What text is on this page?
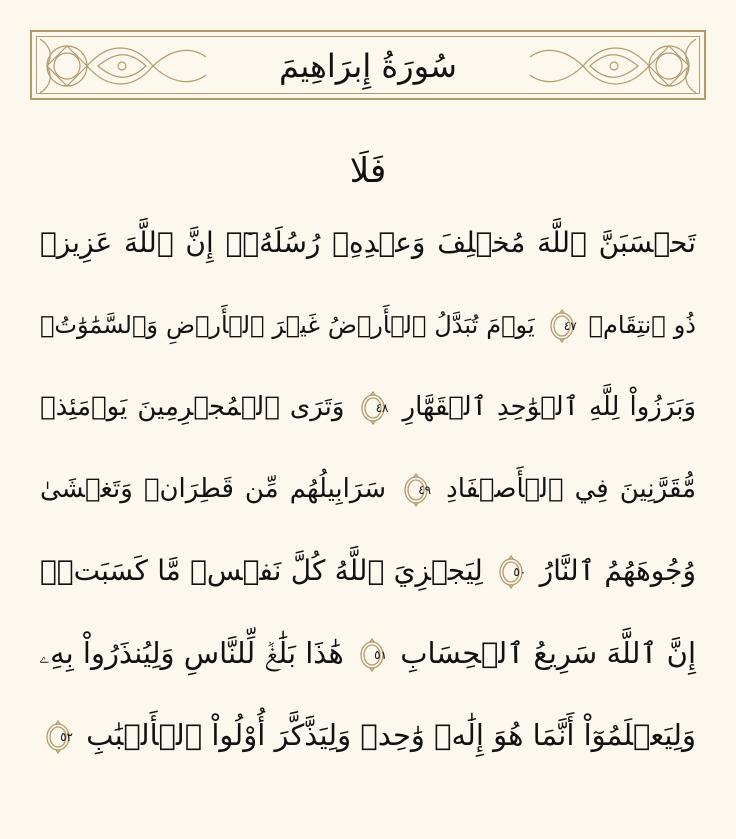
سُورَةُ إِبرَاهِيمَ
فَلَا
تَحۡسَبَنَّ ٱللَّهَ مُخۡلِفَ وَعۡدِهِۦ رُسُلَهُۥٓۚ إِنَّ ٱللَّهَ عَزِيزٞ
ذُو ٱنتِقَامٖ
٤٧
يَوۡمَ تُبَدَّلُ ٱلۡأَرۡضُ غَيۡرَ ٱلۡأَرۡضِ وَٱلسَّمَٰوَٰتُۖ
وَبَرَزُواْ لِلَّهِ ٱلۡوَٰحِدِ ٱلۡقَهَّارِ
٤٨
وَتَرَى ٱلۡمُجۡرِمِينَ يَوۡمَئِذٖ
مُّقَرَّنِينَ فِي ٱلۡأَصۡفَادِ
٤٩
سَرَابِيلُهُم مِّن قَطِرَانٖ وَتَغۡشَىٰ
وُجُوهَهُمُ ٱلنَّارُ
٥٠
لِيَجۡزِيَ ٱللَّهُ كُلَّ نَفۡسٖ مَّا كَسَبَتۡۚ
إِنَّ ٱللَّهَ سَرِيعُ ٱلۡحِسَابِ
٥١
هَٰذَا بَلَٰغٞ لِّلنَّاسِ وَلِيُنذَرُواْ بِهِۦ
وَلِيَعۡلَمُوٓاْ أَنَّمَا هُوَ إِلَٰهٞ وَٰحِدٞ وَلِيَذَّكَّرَ أُوْلُواْ ٱلۡأَلۡبَٰبِ
٥٢
